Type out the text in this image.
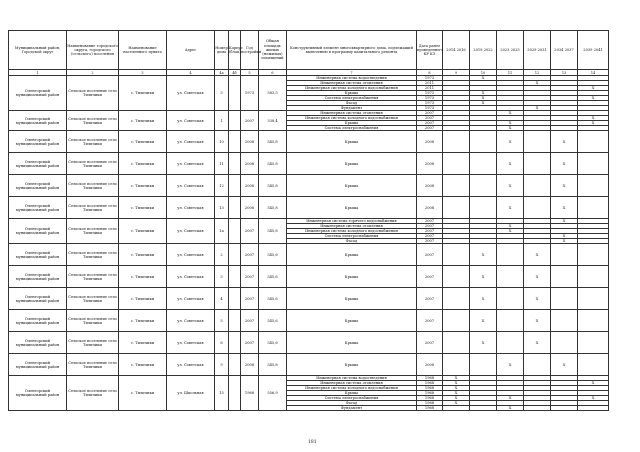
Муниципальный район, Городской округ	Наименование городского округа, городского (сельского) поселения	Наименование населенного пункта	Адрес	Номер дома	Корпус (блок)	Год постройки	Общая площадь жилых (нежилых) помещений	Конструктивный элемент многоквартирного дома, подлежащий включению в программу капитального ремонта	Дата ранее проведенного КР КЭ	2014 2016	2019 2022	2023 2025	2029 2031	2034 2037	2039 2041
1	2	3	4	4а	4б	5	6	7	8	9	10	11	12	13	14
Оленгорский муниципальный район	Сельское поселение село Тиличики	с. Тиличики	ул. Советская	3		1973	583,5	Инженерная система водоотведения	1973		X				
								Инженерная система отопления	2011				X		
								Инженерная система холодного водоснабжения	2011						X
								Крыша	1973		X				
								Система электроснабжения	1973		X				X
								Фасад	1973		X				
								Фундамент	1973				X		
Оленгорский муниципальный район	Сельское поселение село Тиличики	с. Тиличики	ул. Советская	1		2007	338,4	Инженерная система отопления	2007			X			
								Инженерная система холодного водоснабжения	2007						X
								Крыша	2007			X			X
								Система электроснабжения	2007			X			
Оленгорский муниципальный район	Сельское поселение село Тиличики	с. Тиличики	ул. Советская	10		2008	545,8	Крыша	2008			X		X	
Оленгорский муниципальный район	Сельское поселение село Тиличики	с. Тиличики	ул. Советская	11		2008	545,8	Крыша	2008			X		X	
Оленгорский муниципальный район	Сельское поселение село Тиличики	с. Тиличики	ул. Советская	12		2008	545,8	Крыша	2008			X		X	
Оленгорский муниципальный район	Сельское поселение село Тиличики	с. Тиличики	ул. Советская	13		2008	545,8	Крыша	2008			X		X	
Оленгорский муниципальный район	Сельское поселение село Тиличики	с. Тиличики	ул. Советская	1а		2007	545,8	Инженерная система горячего водоснабжения	2007					X	
								Инженерная система отопления	2007			X			
								Инженерная система холодного водоснабжения	2007			X			
								Система электроснабжения	2007					X	
								Фасад	2007					X	
Оленгорский муниципальный район	Сельское поселение село Тиличики	с. Тиличики	ул. Советская	2		2007	545,6	Крыша	2007		X		X		
Оленгорский муниципальный район	Сельское поселение село Тиличики	с. Тиличики	ул. Советская	3		2007	545,6	Крыша	2007		X		X		
Оленгорский муниципальный район	Сельское поселение село Тиличики	с. Тиличики	ул. Советская	4		2007	545,6	Крыша	2007		X		X		
Оленгорский муниципальный район	Сельское поселение село Тиличики	с. Тиличики	ул. Советская	5		2007	545,6	Крыша	2007		X		X		
Оленгорский муниципальный район	Сельское поселение село Тиличики	с. Тиличики	ул. Советская	6		2007	545,6	Крыша	2007		X		X		
Оленгорский муниципальный район	Сельское поселение село Тиличики	с. Тиличики	ул. Советская	9		2008	545,8	Крыша	2008			X		X	
Оленгорский муниципальный район	Сельское поселение село Тиличики	с. Тиличики	ул. Школьная	15		1968	556,9	Инженерная система водоотведения	1968	X					
								Инженерная система отопления	1968	X					X
								Инженерная система холодного водоснабжения	1968	X					
								Крыша	1968	X					
								Система электроснабжения	1968	X		X			X
								Фасад	1968	X					
								Фундамент	1968			X			
181
